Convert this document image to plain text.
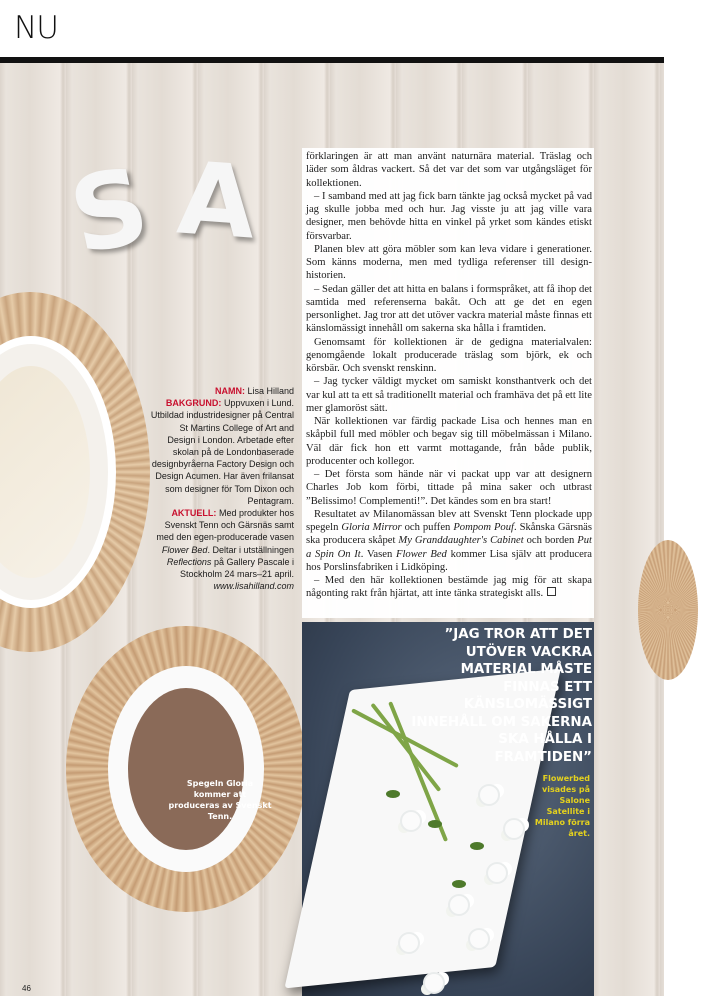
NU
S A
Spegeln Gloria kommer att produceras av Svenskt Tenn.
NAMN: Lisa Hilland
BAKGRUND: Uppvuxen i Lund. Utbildad industridesigner på Central St Martins College of Art and Design i London. Arbetade efter skolan på de Londonbaserade designbyråerna Factory Design och Design Acumen. Har även frilansat som designer för Tom Dixon och Pentagram.
AKTUELL: Med produkter hos Svenskt Tenn och Gärsnäs samt med den egen-producerade vasen Flower Bed. Deltar i utställningen Reflections på Gallery Pascale i Stockholm 24 mars–21 april.
www.lisahilland.com

förklaringen är att man använt naturnära material. Träslag och läder som åldras vackert. Så det var det som var utgångsläget för kollektionen.

– I samband med att jag fick barn tänkte jag också mycket på vad jag skulle jobba med och hur. Jag visste ju att jag ville vara designer, men behövde hitta en vinkel på yrket som kändes etiskt försvarbar.

Planen blev att göra möbler som kan leva vidare i generationer. Som känns moderna, men med tydliga referenser till design-historien.

– Sedan gäller det att hitta en balans i formspråket, att få ihop det samtida med referenserna bakåt. Och att ge det en egen personlighet. Jag tror att det utöver vackra material måste finnas ett känslomässigt innehåll om sakerna ska hålla i framtiden.

Genomsamt för kollektionen är de gedigna materialvalen: genomgående lokalt producerade träslag som björk, ek och körsbär. Och svenskt renskinn.

– Jag tycker väldigt mycket om samiskt konsthantverk och det var kul att ta ett så traditionellt material och framhäva det på ett lite mer glamoröst sätt.

När kollektionen var färdig packade Lisa och hennes man en skåpbil full med möbler och begav sig till möbelmässan i Milano. Väl där fick hon ett varmt mottagande, från både publik, producenter och kollegor.

– Det första som hände när vi packat upp var att designern Charles Job kom förbi, tittade på mina saker och utbrast ”Belissimo! Complementi!”. Det kändes som en bra start!

Resultatet av Milanomässan blev att Svenskt Tenn plockade upp spegeln Gloria Mirror och puffen Pompom Pouf. Skånska Gärsnäs ska producera skåpet My Granddaughter's Cabinet och borden Put a Spin On It. Vasen Flower Bed kommer Lisa själv att producera hos Porslinsfabriken i Lidköping.

– Med den här kollektionen bestämde jag mig för att skapa någonting rakt från hjärtat, att inte tänka strategiskt alls.

”JAG TROR ATT DET UTÖVER VACKRA MATERIAL MÅSTE FINNAS ETT KÄNSLOMÄSSIGT INNEHÅLL OM SAKERNA SKA HÅLLA I FRAMTIDEN”
Flowerbed visades på Salone Satellite i Milano förra året.
46
